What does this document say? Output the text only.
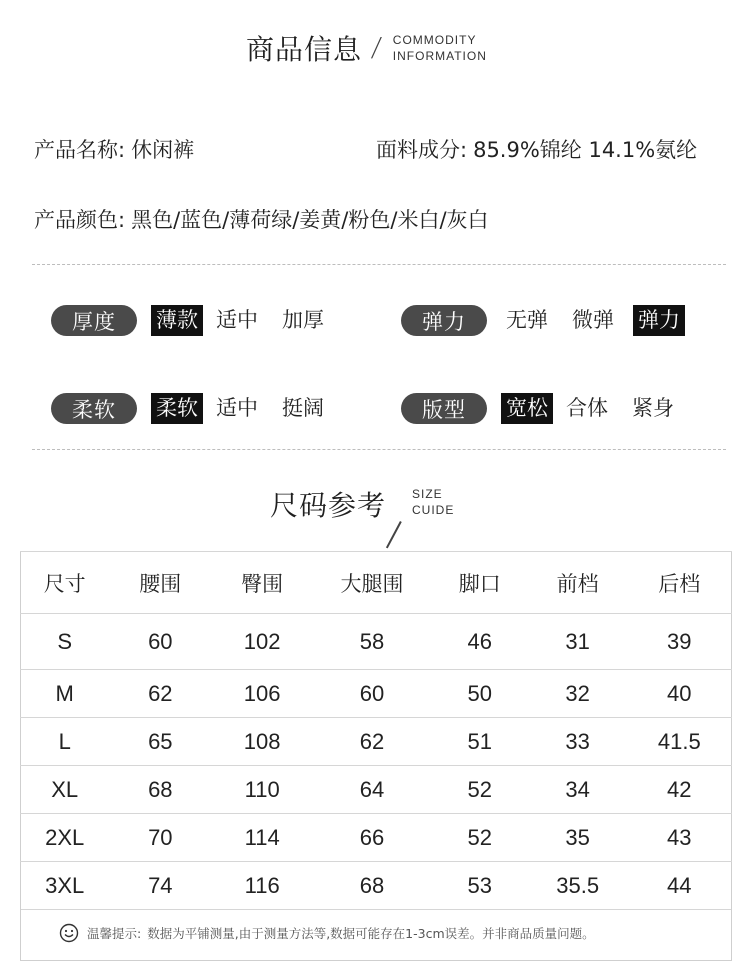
商品信息 / COMMODITY
INFORMATION
产品名称: 休闲裤	面料成分: 85.9%锦纶 14.1%氨纶
产品颜色: 黑色/蓝色/薄荷绿/姜黄/粉色/米白/灰白
厚度	薄款 适中 加厚	弹力	无弹 微弹 弹力
柔软	柔软 适中 挺阔	版型	宽松 合体 紧身
尺码参考 SIZE
CUIDE
尺寸	腰围	臀围	大腿围	脚口	前档	后档
S	60	102	58	46	31	39
M	62	106	60	50	32	40
L	65	108	62	51	33	41.5
XL	68	110	64	52	34	42
2XL	70	114	66	52	35	43
3XL	74	116	68	53	35.5	44
温馨提示: 数据为平铺测量,由于测量方法等,数据可能存在1-3cm误差。并非商品质量问题。
